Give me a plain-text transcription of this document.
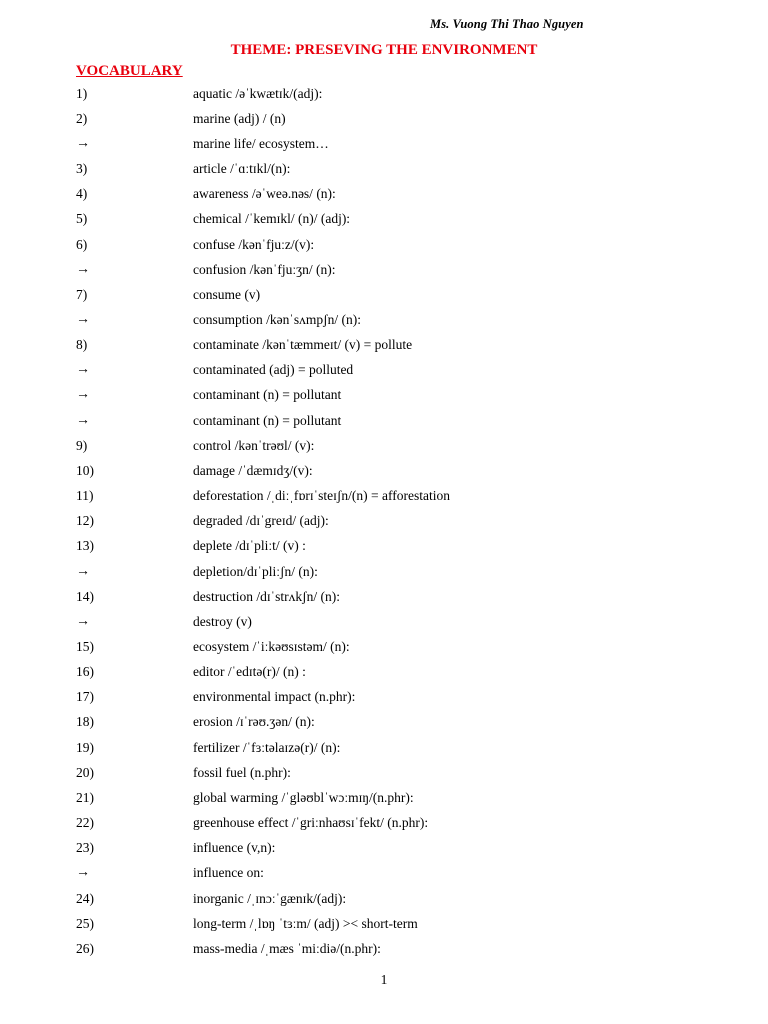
Ms. Vuong Thi Thao Nguyen
THEME: PRESEVING THE ENVIRONMENT
VOCABULARY
1)	aquatic /əˈkwætɪk/(adj):
2)	marine (adj) / (n)
→	marine life/ ecosystem…
3)	article /ˈɑːtɪkl/(n):
4)	awareness /əˈweə.nəs/ (n):
5)	chemical /ˈkemɪkl/ (n)/ (adj):
6)	confuse /kənˈfjuːz/(v):
→	confusion /kənˈfjuːʒn/ (n):
7)	consume (v)
→	consumption /kənˈsʌmpʃn/ (n):
8)	contaminate /kənˈtæmmeɪt/ (v) = pollute
→	contaminated (adj) = polluted
→	contaminant (n) = pollutant
→	contaminant (n) = pollutant
9)	control /kənˈtrəʊl/ (v):
10)	damage /ˈdæmɪdʒ/(v):
11)	deforestation /ˌdiːˌfɒrɪˈsteɪʃn/(n) = afforestation
12)	degraded /dɪˈgreɪd/ (adj):
13)	deplete /dɪˈpliːt/ (v) :
→	depletion/dɪˈpliːʃn/ (n):
14)	destruction /dɪˈstrʌkʃn/ (n):
→	destroy (v)
15)	ecosystem /ˈiːkəʊsɪstəm/ (n):
16)	editor /ˈedɪtə(r)/ (n) :
17)	environmental impact (n.phr):
18)	erosion /ɪˈrəʊ.ʒən/ (n):
19)	fertilizer /ˈfɜːtəlaɪzə(r)/ (n):
20)	fossil fuel (n.phr):
21)	global warming /ˈgləʊblˈwɔːmɪŋ/(n.phr):
22)	greenhouse effect /ˈgriːnhaʊsɪˈfekt/ (n.phr):
23)	influence (v,n):
→	influence on:
24)	inorganic /ˌɪnɔːˈgænɪk/(adj):
25)	long-term /ˌlɒŋ ˈtɜːm/ (adj) >< short-term
26)	mass-media /ˌmæs ˈmiːdiə/(n.phr):
1
